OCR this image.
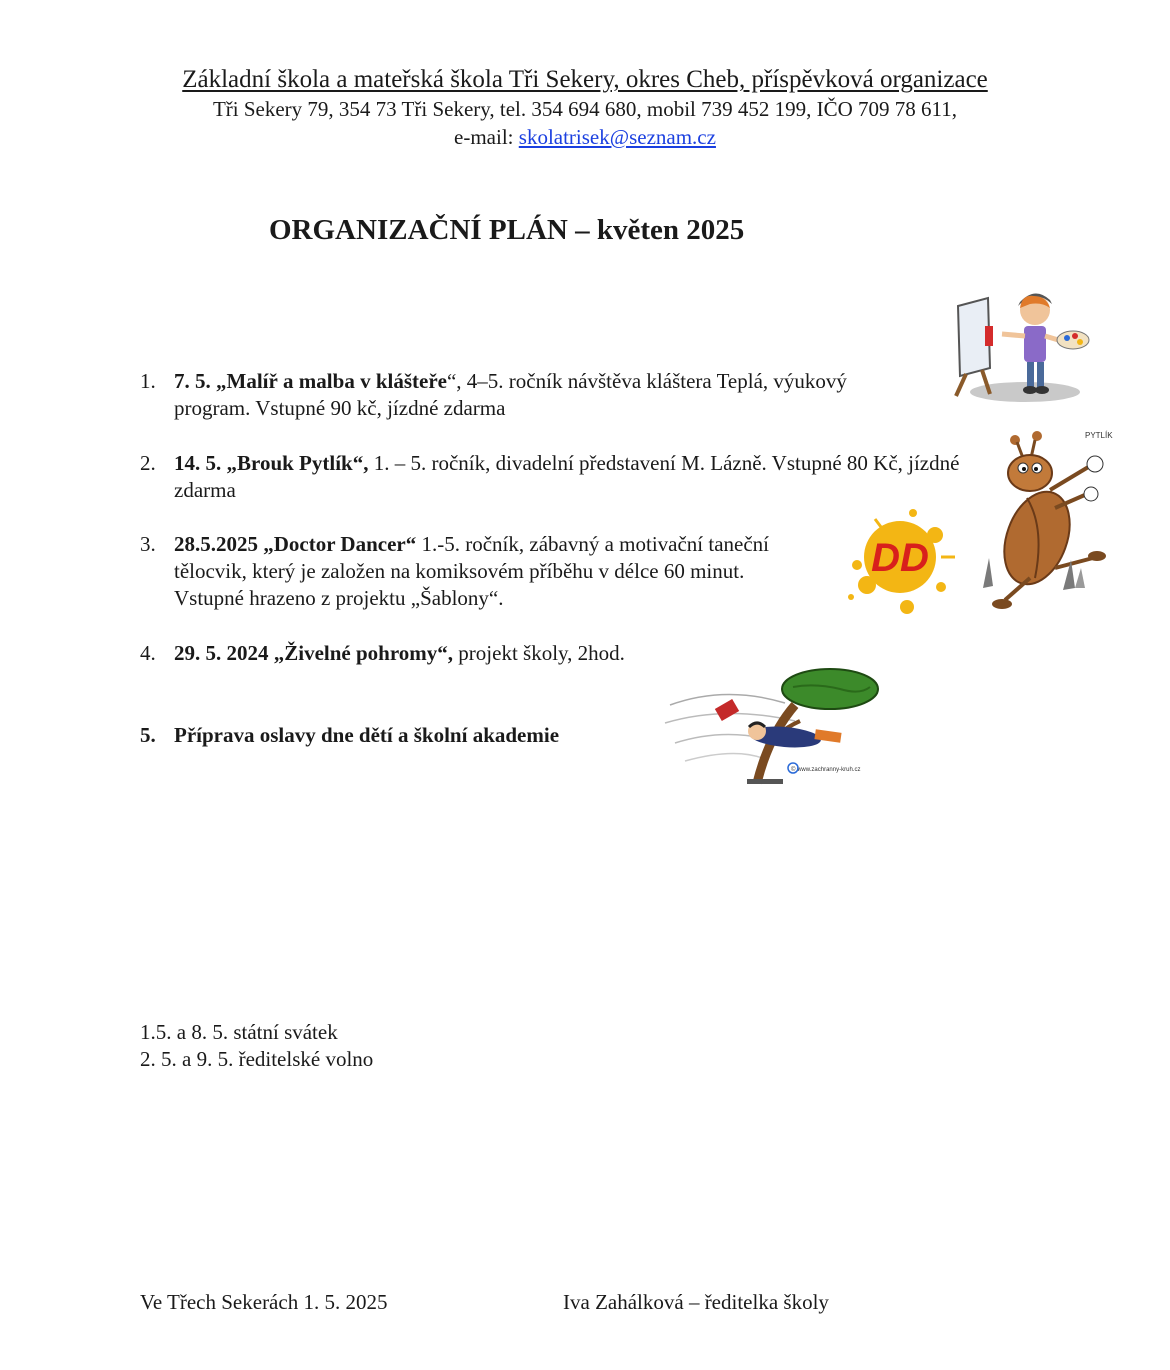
Základní škola a mateřská škola Tři Sekery, okres Cheb, příspěvková organizace
Tři Sekery 79, 354 73 Tři Sekery, tel. 354 694 680, mobil 739 452 199, IČO 709 78 611,
e-mail: skolatrisek@seznam.cz
ORGANIZAČNÍ PLÁN – květen 2025
1. 7. 5. „Malíř a malba v klášteře“, 4–5. ročník návštěva kláštera Teplá, výukový program. Vstupné 90 kč, jízdné zdarma
2. 14. 5. „Brouk Pytlík“, 1. – 5. ročník, divadelní představení M. Lázně. Vstupné 80 Kč, jízdné zdarma
3. 28.5.2025 „Doctor Dancer“ 1.-5. ročník, zábavný a motivační taneční tělocvik, který je založen na komiksovém příběhu v délce 60 minut. Vstupné hrazeno z projektu „Šablony“.
4. 29. 5. 2024 „Živelné pohromy“, projekt školy, 2hod.
5. Příprava oslavy dne dětí a školní akademie
PYTLÍK
DD
© www.zachranny-kruh.cz
1.5. a 8. 5. státní svátek
2. 5. a 9. 5. ředitelské volno
Ve Třech Sekerách 1. 5. 2025	Iva Zahálková – ředitelka školy
